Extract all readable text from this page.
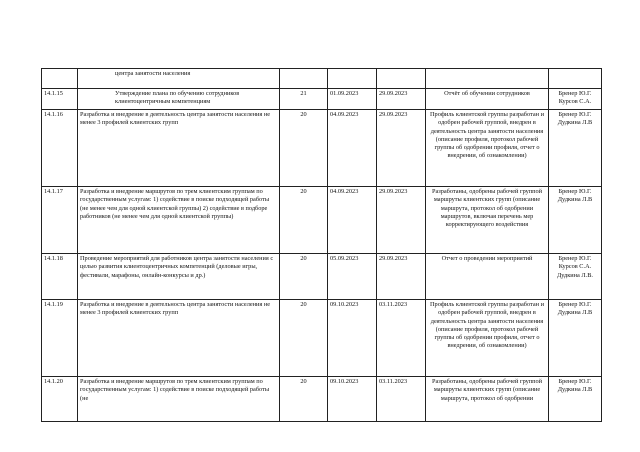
	центра занятости населения					
14.1.15	Утверждение плана по обучению сотрудников клиентоцентричным компетенциям	21	01.09.2023	29.09.2023	Отчёт об обучении сотрудников	Бренер Ю.Г. Курсов С.А.
14.1.16	Разработка и внедрение в деятельность центра занятости населения не менее 3 профилей клиентских групп	20	04.09.2023	29.09.2023	Профиль клиентской группы разработан и одобрен рабочей группой, внедрен в деятельность центра занятости населения (описание профиля, протокол рабочей группы об одобрении профиля, отчет о внедрении, об ознакомлении)	Бренер Ю.Г. Дудкина Л.В
14.1.17	Разработка и внедрение маршрутов по трем клиентским группам по государственным услугам: 1) содействие в поиске подходящей работы (не менее чем для одной клиентской группы) 2) содействие в подборе работников (не менее чем для одной клиентской группы)	20	04.09.2023	29.09.2023	Разработаны, одобрены рабочей группой маршруты клиентских групп (описание маршрута, протокол об одобрении маршрутов, включая перечень мер корректирующего воздействия	Бренер Ю.Г. Дудкина Л.В
14.1.18	Проведение мероприятий для работников центра занятости населения с целью развития клиентоцентричных компетенций (деловые игры, фестивали, марафоны, онлайн-конкурсы и др.)	20	05.09.2023	29.09.2023	Отчет о проведении мероприятий	Бренер Ю.Г. Курсов С.А. Дудкина Л.В.
14.1.19	Разработка и внедрение в деятельность центра занятости населения не менее 3 профилей клиентских групп	20	09.10.2023	03.11.2023	Профиль клиентской группы разработан и одобрен рабочей группой, внедрен в деятельность центра занятости населения (описание профиля, протокол рабочей группы об одобрении профиля, отчет о внедрении, об ознакомлении)	Бренер Ю.Г. Дудкина Л.В
14.1.20	Разработка и внедрение маршрутов по трем клиентским группам по государственным услугам: 1) содействие в поиске подходящей работы (не	20	09.10.2023	03.11.2023	Разработаны, одобрены рабочей группой маршруты клиентских групп (описание маршрута, протокол об одобрении	Бренер Ю.Г. Дудкина Л.В
